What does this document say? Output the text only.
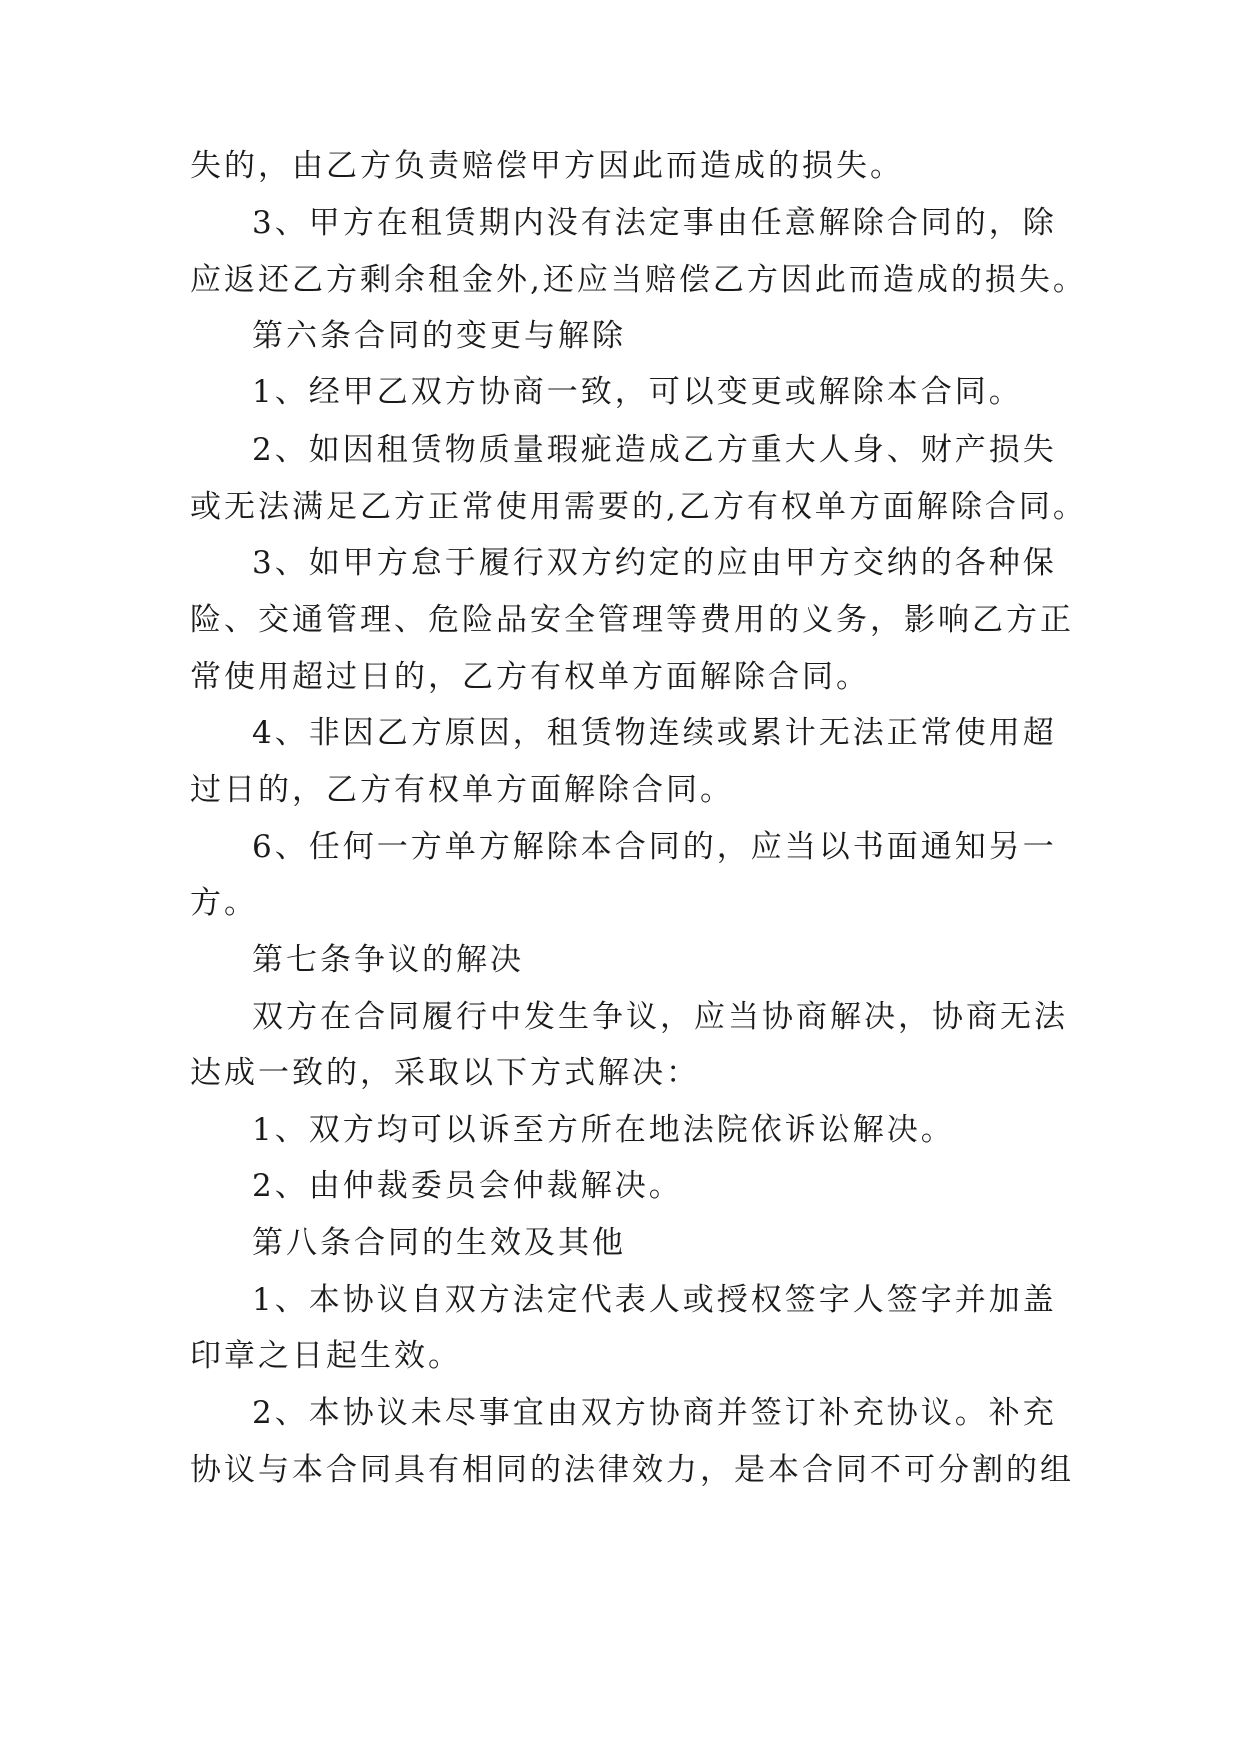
失的，由乙方负责赔偿甲方因此而造成的损失。

3、甲方在租赁期内没有法定事由任意解除合同的，除

应返还乙方剩余租金外,还应当赔偿乙方因此而造成的损失。

第六条合同的变更与解除

1、经甲乙双方协商一致，可以变更或解除本合同。

2、如因租赁物质量瑕疵造成乙方重大人身、财产损失

或无法满足乙方正常使用需要的,乙方有权单方面解除合同。

3、如甲方怠于履行双方约定的应由甲方交纳的各种保

险、交通管理、危险品安全管理等费用的义务，影响乙方正

常使用超过日的，乙方有权单方面解除合同。

4、非因乙方原因，租赁物连续或累计无法正常使用超

过日的，乙方有权单方面解除合同。

6、任何一方单方解除本合同的，应当以书面通知另一

方。

第七条争议的解决

双方在合同履行中发生争议，应当协商解决，协商无法

达成一致的，采取以下方式解决：

1、双方均可以诉至方所在地法院依诉讼解决。

2、由仲裁委员会仲裁解决。

第八条合同的生效及其他

1、本协议自双方法定代表人或授权签字人签字并加盖

印章之日起生效。

2、本协议未尽事宜由双方协商并签订补充协议。补充

协议与本合同具有相同的法律效力，是本合同不可分割的组
